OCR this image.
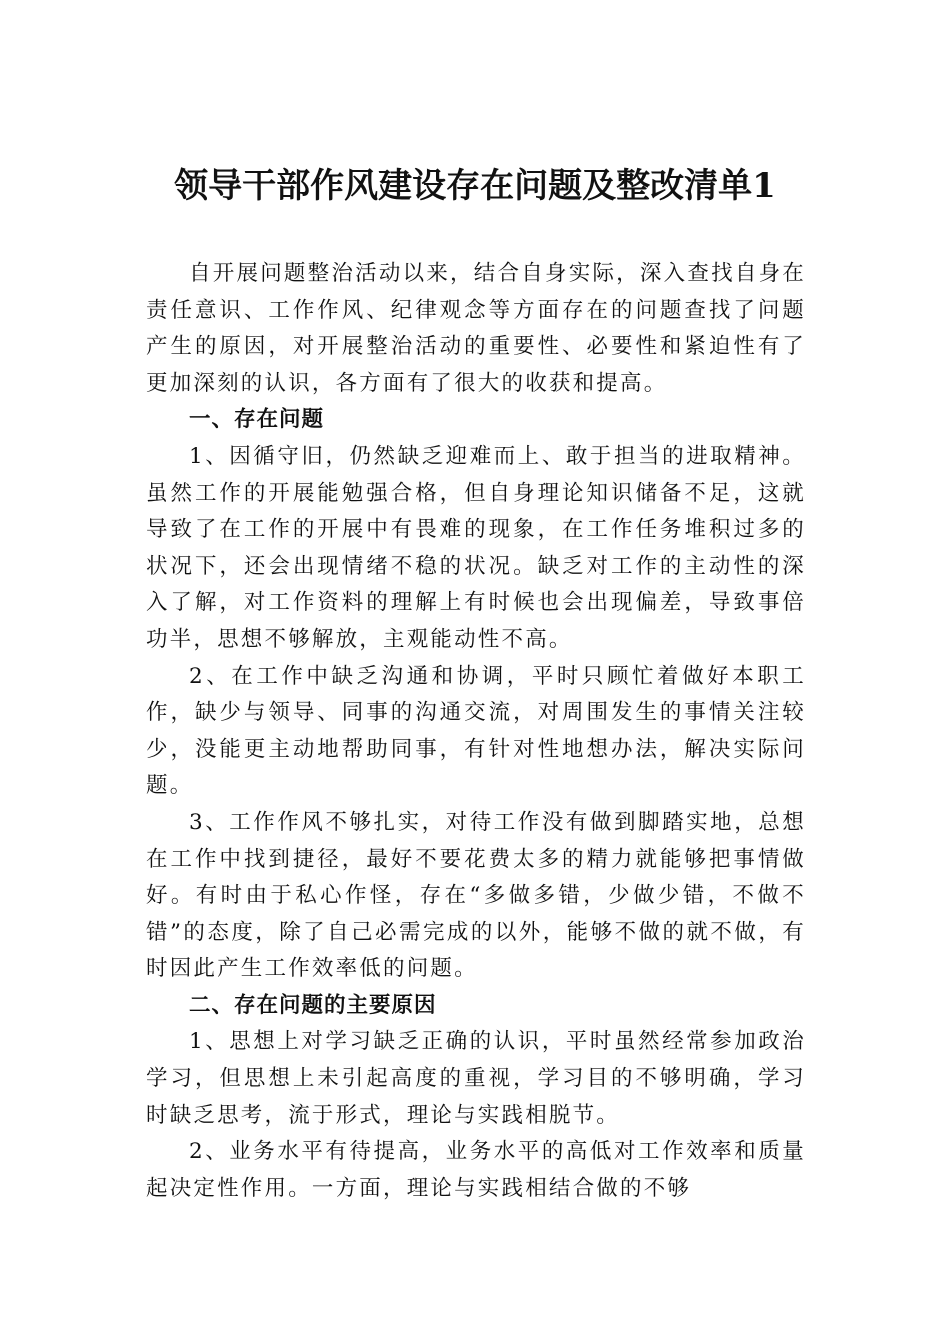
领导干部作风建设存在问题及整改清单1

自开展问题整治活动以来，结合自身实际，深入查找自身在责任意识、工作作风、纪律观念等方面存在的问题查找了问题产生的原因，对开展整治活动的重要性、必要性和紧迫性有了更加深刻的认识，各方面有了很大的收获和提高。

一、存在问题

1、因循守旧，仍然缺乏迎难而上、敢于担当的进取精神。虽然工作的开展能勉强合格，但自身理论知识储备不足，这就导致了在工作的开展中有畏难的现象，在工作任务堆积过多的状况下，还会出现情绪不稳的状况。缺乏对工作的主动性的深入了解，对工作资料的理解上有时候也会出现偏差，导致事倍功半，思想不够解放，主观能动性不高。

2、在工作中缺乏沟通和协调，平时只顾忙着做好本职工作，缺少与领导、同事的沟通交流，对周围发生的事情关注较少，没能更主动地帮助同事，有针对性地想办法，解决实际问题。

3、工作作风不够扎实，对待工作没有做到脚踏实地，总想在工作中找到捷径，最好不要花费太多的精力就能够把事情做好。有时由于私心作怪，存在“多做多错，少做少错，不做不错”的态度，除了自己必需完成的以外，能够不做的就不做，有时因此产生工作效率低的问题。

二、存在问题的主要原因

1、思想上对学习缺乏正确的认识，平时虽然经常参加政治学习，但思想上未引起高度的重视，学习目的不够明确，学习时缺乏思考，流于形式，理论与实践相脱节。

2、业务水平有待提高，业务水平的高低对工作效率和质量起决定性作用。一方面，理论与实践相结合做的不够
